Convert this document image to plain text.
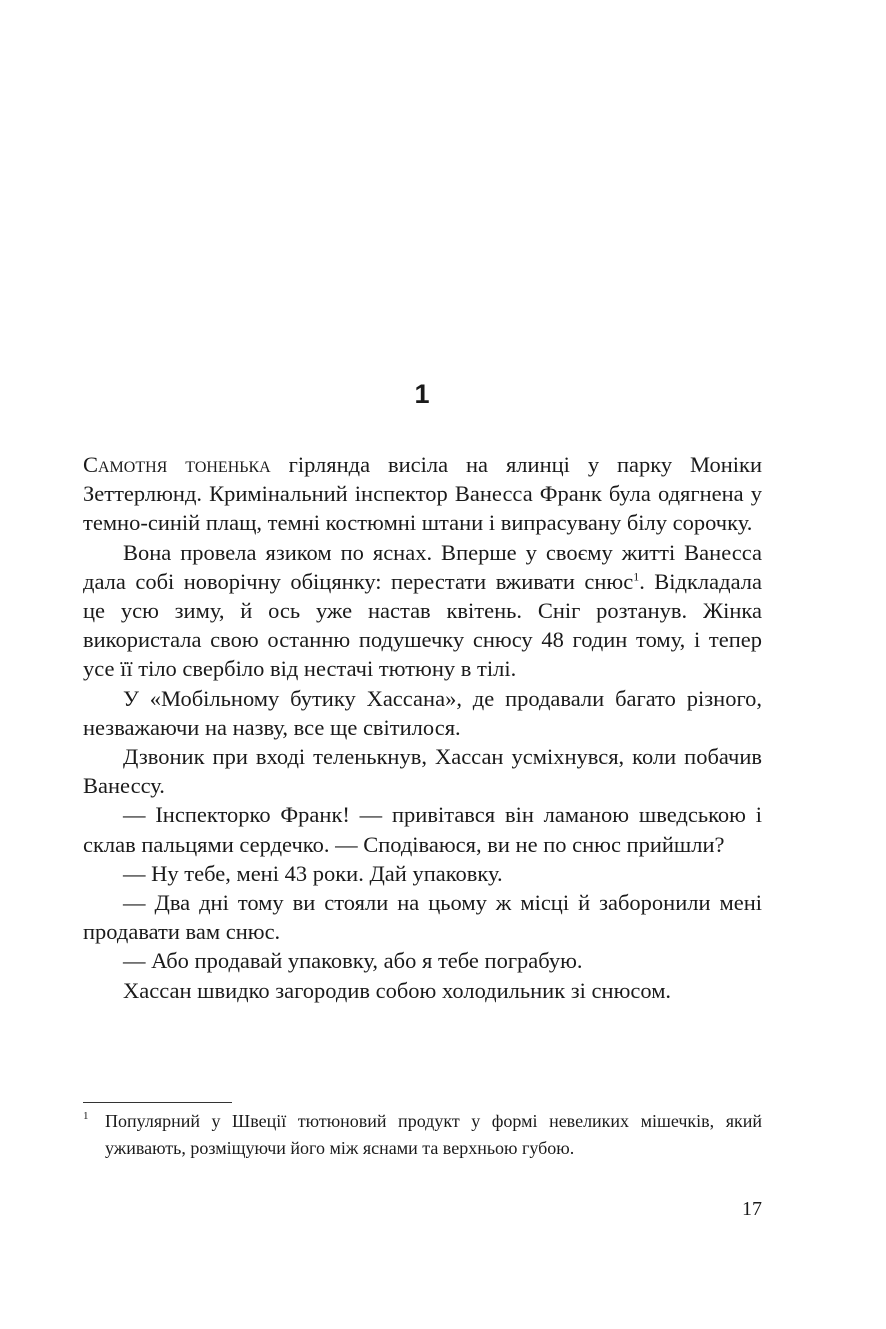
1

Самотня тоненька гірлянда висіла на ялинці у парку Моніки Зеттерлюнд. Кримінальний інспектор Ванесса Франк була одягнена у темно-синій плащ, темні костюмні штани і випрасувану білу сорочку.

Вона провела язиком по яснах. Вперше у своєму житті Ванесса дала собі новорічну обіцянку: перестати вживати снюс$^1$. Відкладала це усю зиму, й ось уже настав квітень. Сніг розтанув. Жінка використала свою останню подушечку снюсу 48 годин тому, і тепер усе її тіло свербіло від нестачі тютюну в тілі.

У «Мобільному бутику Хассана», де продавали багато різного, незважаючи на назву, все ще світилося.

Дзвоник при вході теленькнув, Хассан усміхнувся, коли побачив Ванессу.

— Інспекторко Франк! — привітався він ламаною шведською і склав пальцями сердечко. — Сподіваюся, ви не по снюс прийшли?

— Ну тебе, мені 43 роки. Дай упаковку.

— Два дні тому ви стояли на цьому ж місці й заборонили мені продавати вам снюс.

— Або продавай упаковку, або я тебе пограбую.

Хассан швидко загородив собою холодильник зі снюсом.

1 Популярний у Швеції тютюновий продукт у формі невеликих мішечків, який уживають, розміщуючи його між яснами та верхньою губою.

17
